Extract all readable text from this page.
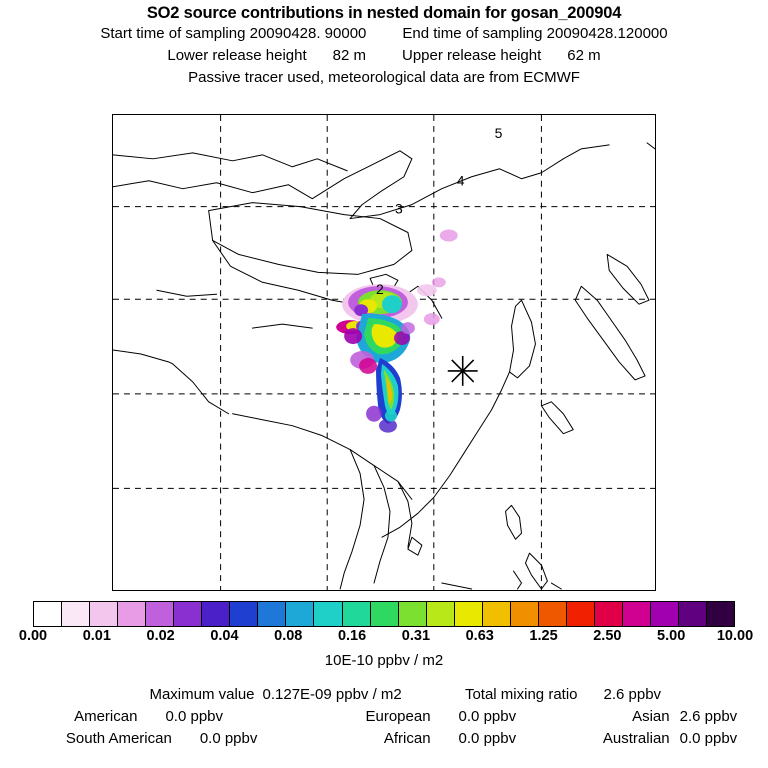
SO2 source contributions in nested domain for gosan_200904
Start time of sampling 20090428. 90000 End time of sampling 20090428.120000
Lower release height 82 m Upper release height 62 m
Passive tracer used, meteorological data are from ECMWF
2
3
4
5
0.00 0.01 0.02 0.04 0.08 0.16 0.31 0.63 1.25 2.50 5.00 10.00
10E-10 ppbv / m2
Maximum value 0.127E-09 ppbv / m2	Total mixing ratio	2.6 ppbv
American	0.0 ppbv	European	0.0 ppbv	Asian 2.6 ppbv
South American	0.0 ppbv	African	0.0 ppbv	Australian 0.0 ppbv
